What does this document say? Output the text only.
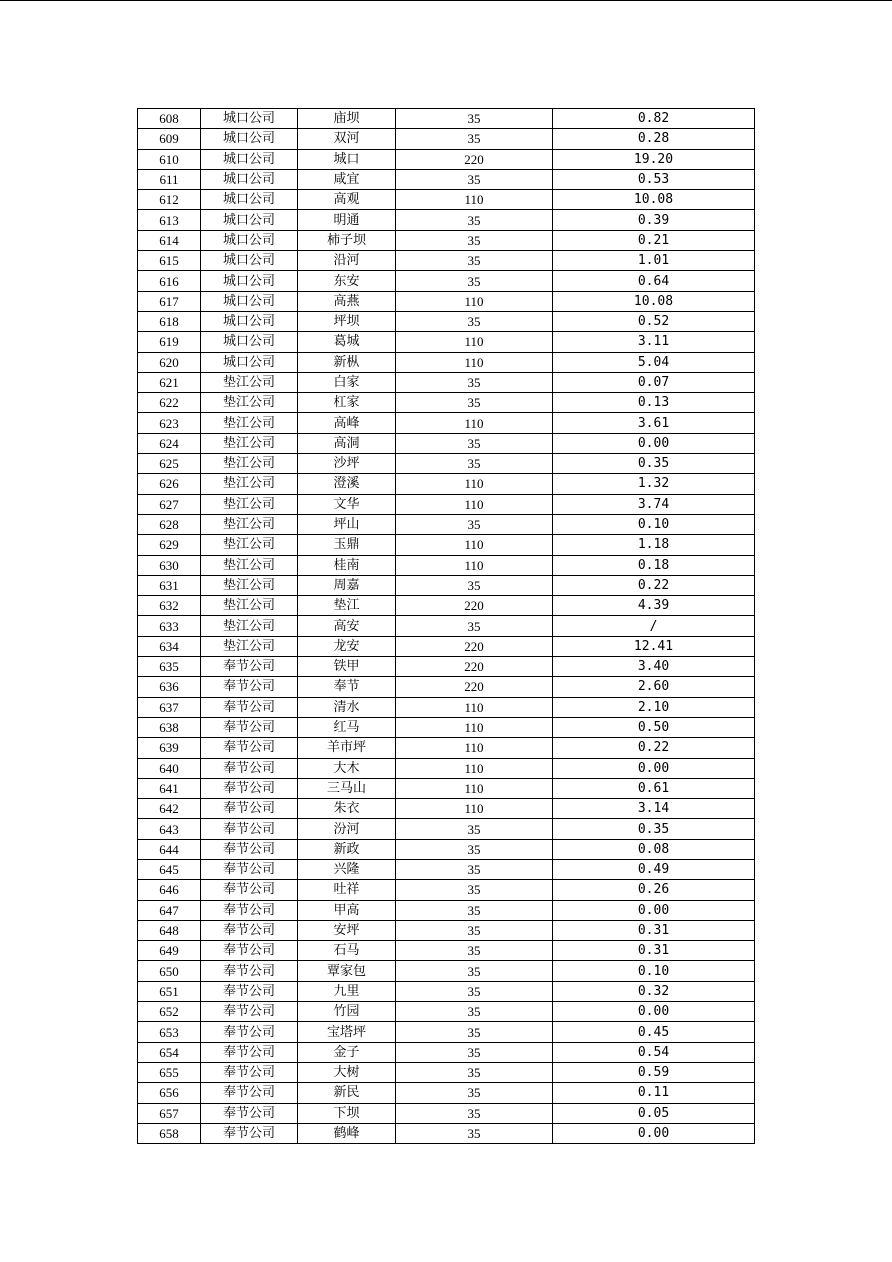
608	城口公司	庙坝	35	0.82
609	城口公司	双河	35	0.28
610	城口公司	城口	220	19.20
611	城口公司	咸宜	35	0.53
612	城口公司	高观	110	10.08
613	城口公司	明通	35	0.39
614	城口公司	柿子坝	35	0.21
615	城口公司	沿河	35	1.01
616	城口公司	东安	35	0.64
617	城口公司	高燕	110	10.08
618	城口公司	坪坝	35	0.52
619	城口公司	葛城	110	3.11
620	城口公司	新枞	110	5.04
621	垫江公司	白家	35	0.07
622	垫江公司	杠家	35	0.13
623	垫江公司	高峰	110	3.61
624	垫江公司	高洞	35	0.00
625	垫江公司	沙坪	35	0.35
626	垫江公司	澄溪	110	1.32
627	垫江公司	文华	110	3.74
628	垫江公司	坪山	35	0.10
629	垫江公司	玉鼎	110	1.18
630	垫江公司	桂南	110	0.18
631	垫江公司	周嘉	35	0.22
632	垫江公司	垫江	220	4.39
633	垫江公司	高安	35	/
634	垫江公司	龙安	220	12.41
635	奉节公司	铁甲	220	3.40
636	奉节公司	奉节	220	2.60
637	奉节公司	清水	110	2.10
638	奉节公司	红马	110	0.50
639	奉节公司	羊市坪	110	0.22
640	奉节公司	大木	110	0.00
641	奉节公司	三马山	110	0.61
642	奉节公司	朱衣	110	3.14
643	奉节公司	汾河	35	0.35
644	奉节公司	新政	35	0.08
645	奉节公司	兴隆	35	0.49
646	奉节公司	吐祥	35	0.26
647	奉节公司	甲高	35	0.00
648	奉节公司	安坪	35	0.31
649	奉节公司	石马	35	0.31
650	奉节公司	覃家包	35	0.10
651	奉节公司	九里	35	0.32
652	奉节公司	竹园	35	0.00
653	奉节公司	宝塔坪	35	0.45
654	奉节公司	金子	35	0.54
655	奉节公司	大树	35	0.59
656	奉节公司	新民	35	0.11
657	奉节公司	下坝	35	0.05
658	奉节公司	鹤峰	35	0.00
